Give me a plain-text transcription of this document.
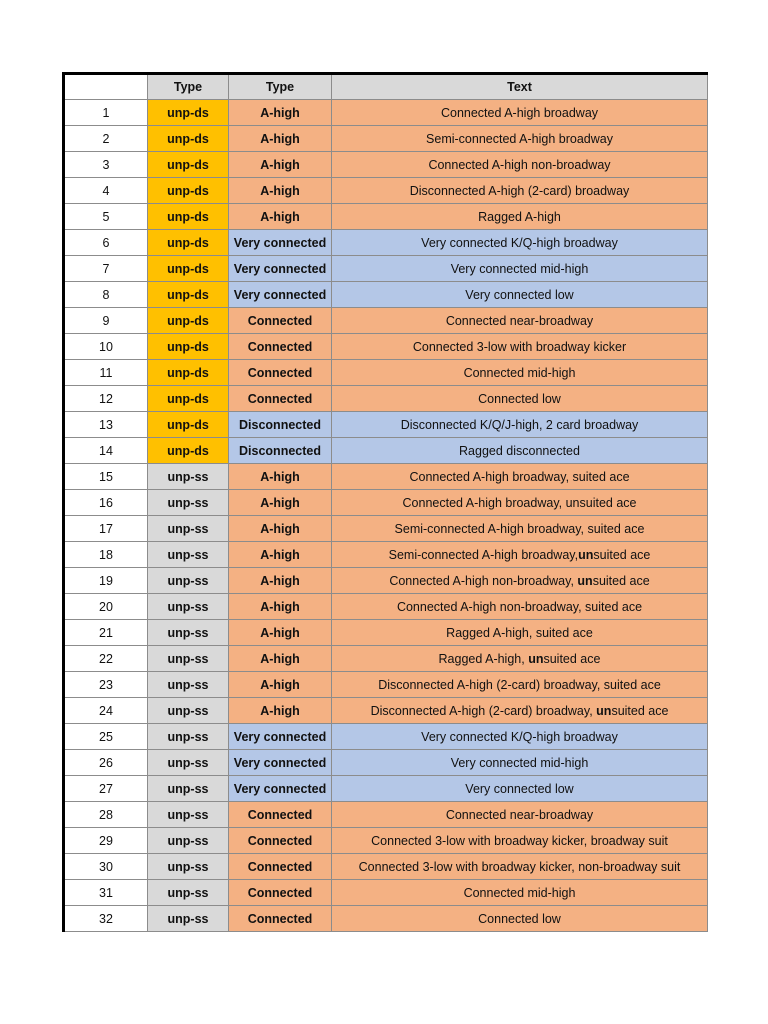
	Type	Type	Text
1	unp-ds	A-high	Connected A-high broadway
2	unp-ds	A-high	Semi-connected A-high broadway
3	unp-ds	A-high	Connected A-high non-broadway
4	unp-ds	A-high	Disconnected A-high (2-card) broadway
5	unp-ds	A-high	Ragged A-high
6	unp-ds	Very connected	Very connected K/Q-high broadway
7	unp-ds	Very connected	Very connected mid-high
8	unp-ds	Very connected	Very connected low
9	unp-ds	Connected	Connected near-broadway
10	unp-ds	Connected	Connected 3-low with broadway kicker
11	unp-ds	Connected	Connected mid-high
12	unp-ds	Connected	Connected low
13	unp-ds	Disconnected	Disconnected K/Q/J-high, 2 card broadway
14	unp-ds	Disconnected	Ragged disconnected
15	unp-ss	A-high	Connected A-high broadway, suited ace
16	unp-ss	A-high	Connected A-high broadway, unsuited ace
17	unp-ss	A-high	Semi-connected A-high broadway, suited ace
18	unp-ss	A-high	Semi-connected A-high broadway,unsuited ace
19	unp-ss	A-high	Connected A-high non-broadway, unsuited ace
20	unp-ss	A-high	Connected A-high non-broadway, suited ace
21	unp-ss	A-high	Ragged A-high, suited ace
22	unp-ss	A-high	Ragged A-high, unsuited ace
23	unp-ss	A-high	Disconnected A-high (2-card) broadway, suited ace
24	unp-ss	A-high	Disconnected A-high (2-card) broadway, unsuited ace
25	unp-ss	Very connected	Very connected K/Q-high broadway
26	unp-ss	Very connected	Very connected mid-high
27	unp-ss	Very connected	Very connected low
28	unp-ss	Connected	Connected near-broadway
29	unp-ss	Connected	Connected 3-low with broadway kicker, broadway suit
30	unp-ss	Connected	Connected 3-low with broadway kicker, non-broadway suit
31	unp-ss	Connected	Connected mid-high
32	unp-ss	Connected	Connected low
